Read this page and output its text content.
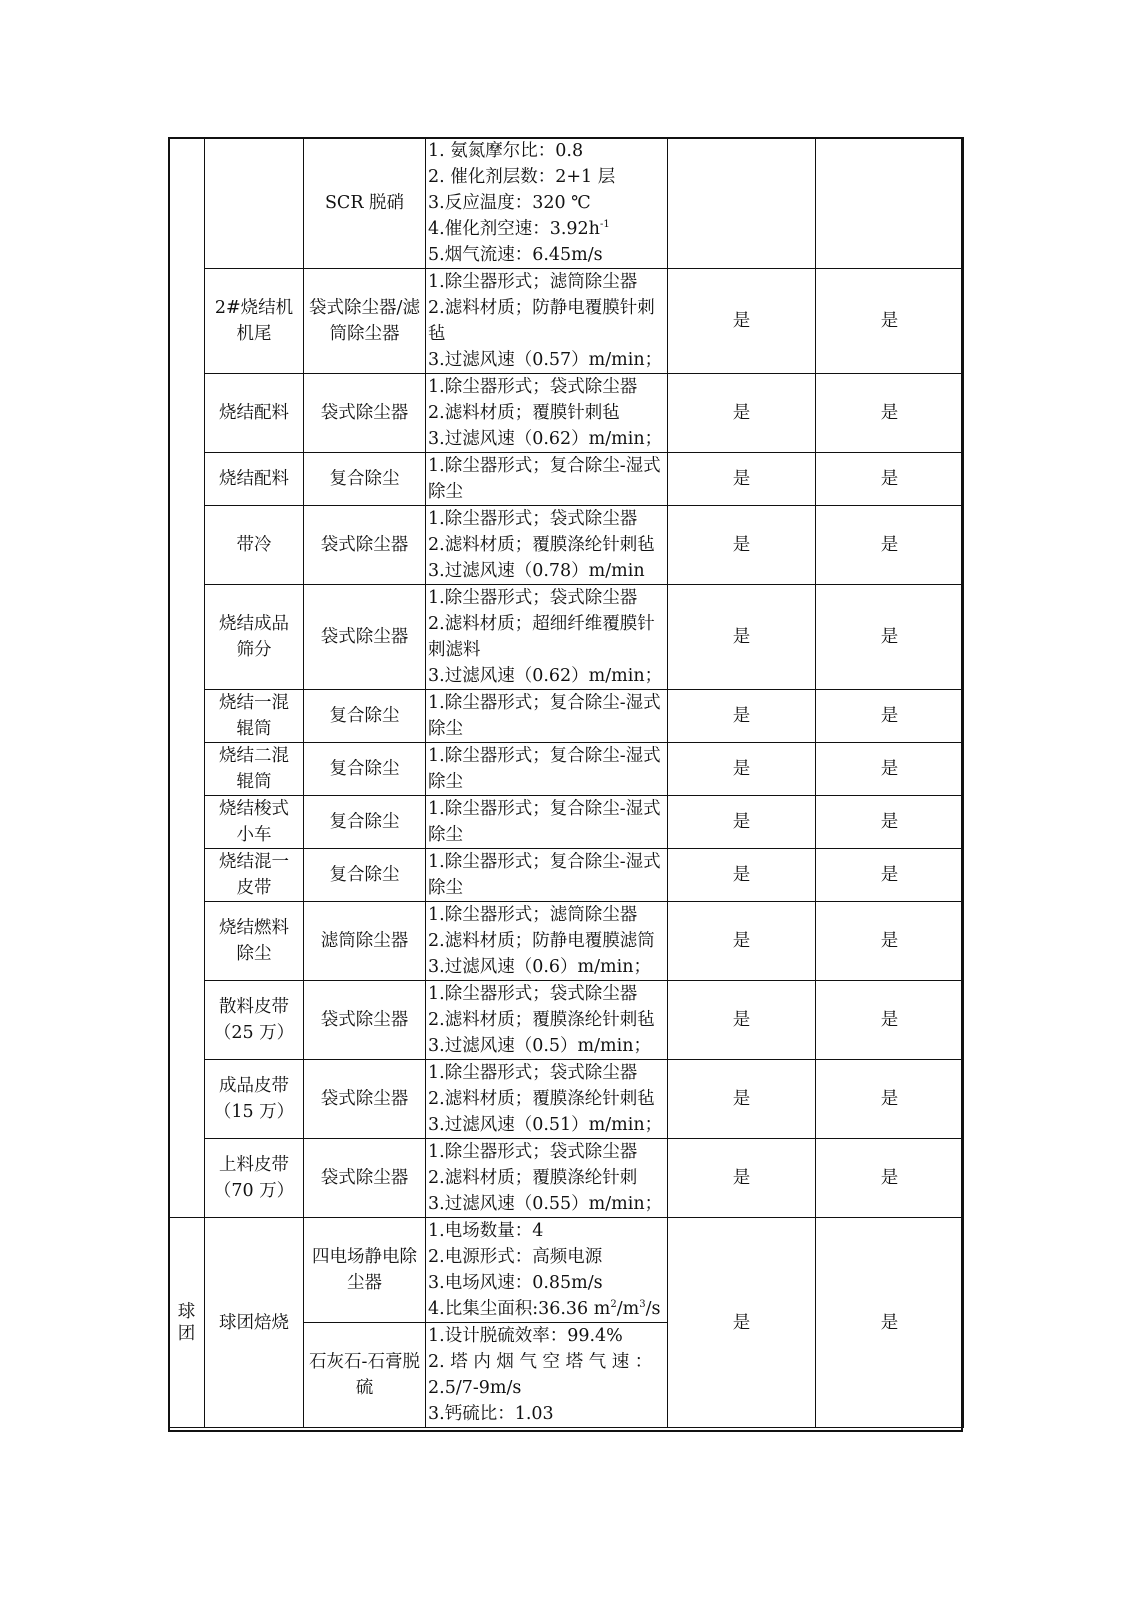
		SCR 脱硝	1. 氨氮摩尔比：0.8
2. 催化剂层数：2+1 层
3.反应温度：320 ℃
4.催化剂空速：$3.92h^{-1}$
5.烟气流速：6.45m/s		

	2#烧结机机尾	袋式除尘器/滤筒除尘器	1.除尘器形式；滤筒除尘器
2.滤料材质；防静电覆膜针刺毡
3.过滤风速（0.57）m/min；	是	是
	烧结配料	袋式除尘器	1.除尘器形式；袋式除尘器
2.滤料材质；覆膜针刺毡
3.过滤风速（0.62）m/min；	是	是
	烧结配料	复合除尘	1.除尘器形式；复合除尘-湿式除尘	是	是
	带冷	袋式除尘器	1.除尘器形式；袋式除尘器
2.滤料材质；覆膜涤纶针刺毡
3.过滤风速（0.78）m/min	是	是
	烧结成品筛分	袋式除尘器	1.除尘器形式；袋式除尘器
2.滤料材质；超细纤维覆膜针刺滤料
3.过滤风速（0.62）m/min；	是	是
	烧结一混辊筒	复合除尘	1.除尘器形式；复合除尘-湿式除尘	是	是
	烧结二混辊筒	复合除尘	1.除尘器形式；复合除尘-湿式除尘	是	是
	烧结梭式小车	复合除尘	1.除尘器形式；复合除尘-湿式除尘	是	是
	烧结混一皮带	复合除尘	1.除尘器形式；复合除尘-湿式除尘	是	是
	烧结燃料除尘	滤筒除尘器	1.除尘器形式；滤筒除尘器
2.滤料材质；防静电覆膜滤筒
3.过滤风速（0.6）m/min；	是	是
	散料皮带（25 万）	袋式除尘器	1.除尘器形式；袋式除尘器
2.滤料材质；覆膜涤纶针刺毡
3.过滤风速（0.5）m/min；	是	是
	成品皮带（15 万）	袋式除尘器	1.除尘器形式；袋式除尘器
2.滤料材质；覆膜涤纶针刺毡
3.过滤风速（0.51）m/min；	是	是
	上料皮带（70 万）	袋式除尘器	1.除尘器形式；袋式除尘器
2.滤料材质；覆膜涤纶针刺
3.过滤风速（0.55）m/min；	是	是
球团	球团焙烧	四电场静电除尘器	1.电场数量：4
2.电源形式：高频电源
3.电场风速：0.85m/s
4.比集尘面积:36.36 $m^2/m^3/s$	是	是
		石灰石-石膏脱硫	1.设计脱硫效率：99.4%
2. 塔 内 烟 气 空 塔 气 速 ：
2.5/7-9m/s
3.钙硫比：1.03		
